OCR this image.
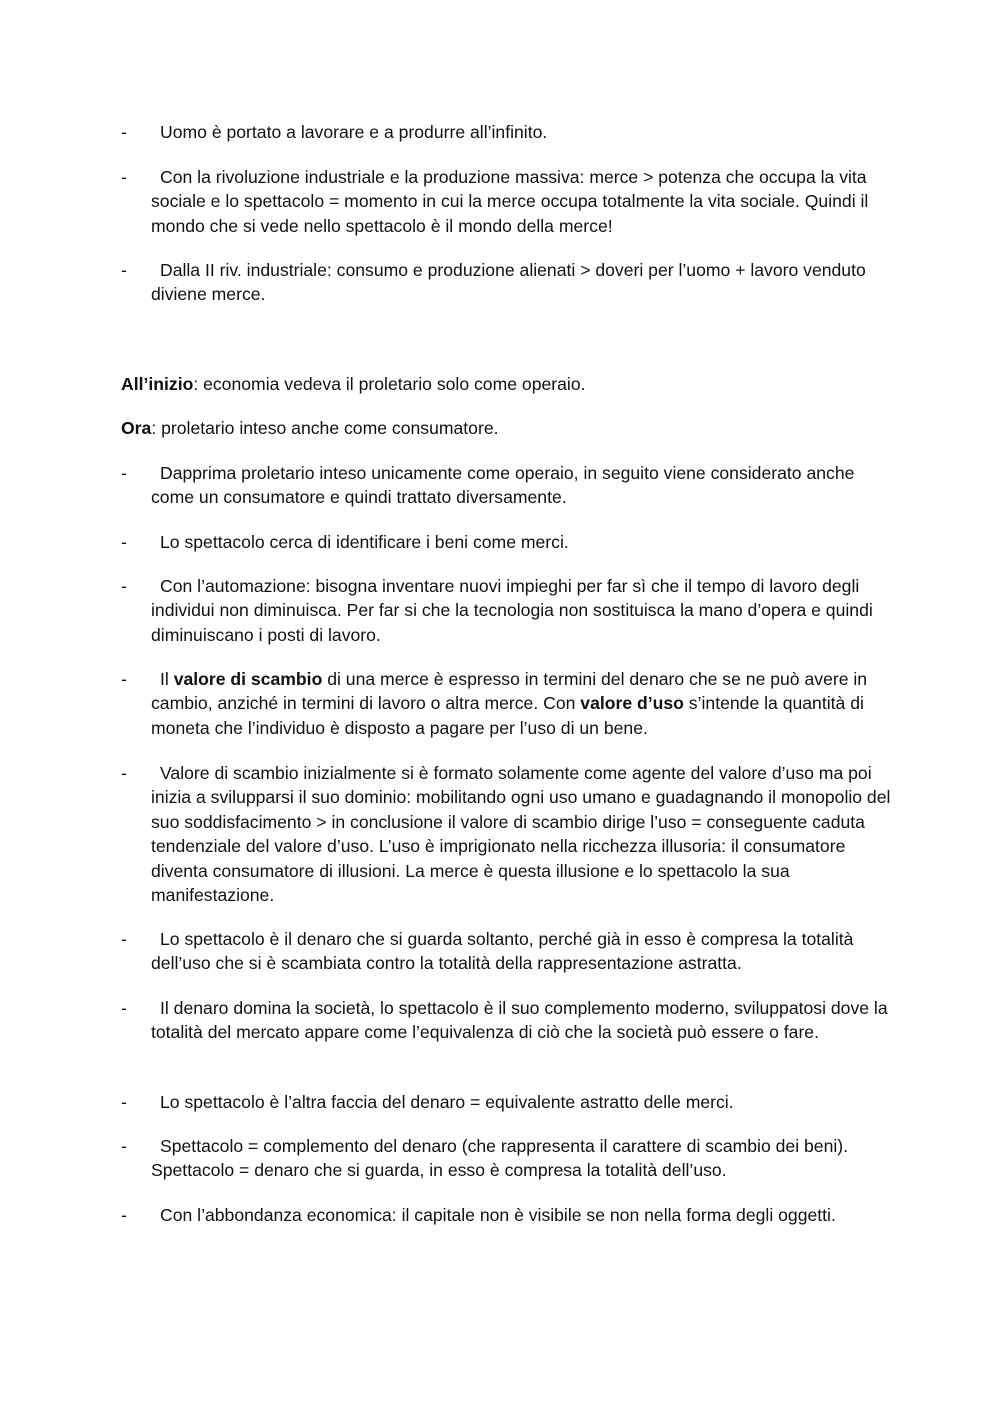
-	Uomo è portato a lavorare e a produrre all’infinito.
-	Con la rivoluzione industriale e la produzione massiva: merce > potenza che occupa la vita sociale e lo spettacolo = momento in cui la merce occupa totalmente la vita sociale. Quindi il mondo che si vede nello spettacolo è il mondo della merce!
-	Dalla II riv. industriale: consumo e produzione alienati > doveri per l’uomo + lavoro venduto diviene merce.
All’inizio: economia vedeva il proletario solo come operaio.
Ora: proletario inteso anche come consumatore.
-	Dapprima proletario inteso unicamente come operaio, in seguito viene considerato anche come un consumatore e quindi trattato diversamente.
-	Lo spettacolo cerca di identificare i beni come merci.
-	Con l’automazione: bisogna inventare nuovi impieghi per far sì che il tempo di lavoro degli individui non diminuisca. Per far si che la tecnologia non sostituisca la mano d’opera e quindi diminuiscano i posti di lavoro.
-	Il valore di scambio di una merce è espresso in termini del denaro che se ne può avere in cambio, anziché in termini di lavoro o altra merce. Con valore d’uso s’intende la quantità di moneta che l’individuo è disposto a pagare per l’uso di un bene.
-	Valore di scambio inizialmente si è formato solamente come agente del valore d’uso ma poi inizia a svilupparsi il suo dominio: mobilitando ogni uso umano e guadagnando il monopolio del suo soddisfacimento > in conclusione il valore di scambio dirige l’uso = conseguente caduta tendenziale del valore d’uso. L’uso è imprigionato nella ricchezza illusoria: il consumatore diventa consumatore di illusioni. La merce è questa illusione e lo spettacolo la sua manifestazione.
-	Lo spettacolo è il denaro che si guarda soltanto, perché già in esso è compresa la totalità dell’uso che si è scambiata contro la totalità della rappresentazione astratta.
-	Il denaro domina la società, lo spettacolo è il suo complemento moderno, sviluppatosi dove la totalità del mercato appare come l’equivalenza di ciò che la società può essere o fare.
-	Lo spettacolo è l’altra faccia del denaro = equivalente astratto delle merci.
-	Spettacolo = complemento del denaro (che rappresenta il carattere di scambio dei beni). Spettacolo = denaro che si guarda, in esso è compresa la totalità dell’uso.
-	Con l’abbondanza economica: il capitale non è visibile se non nella forma degli oggetti.
